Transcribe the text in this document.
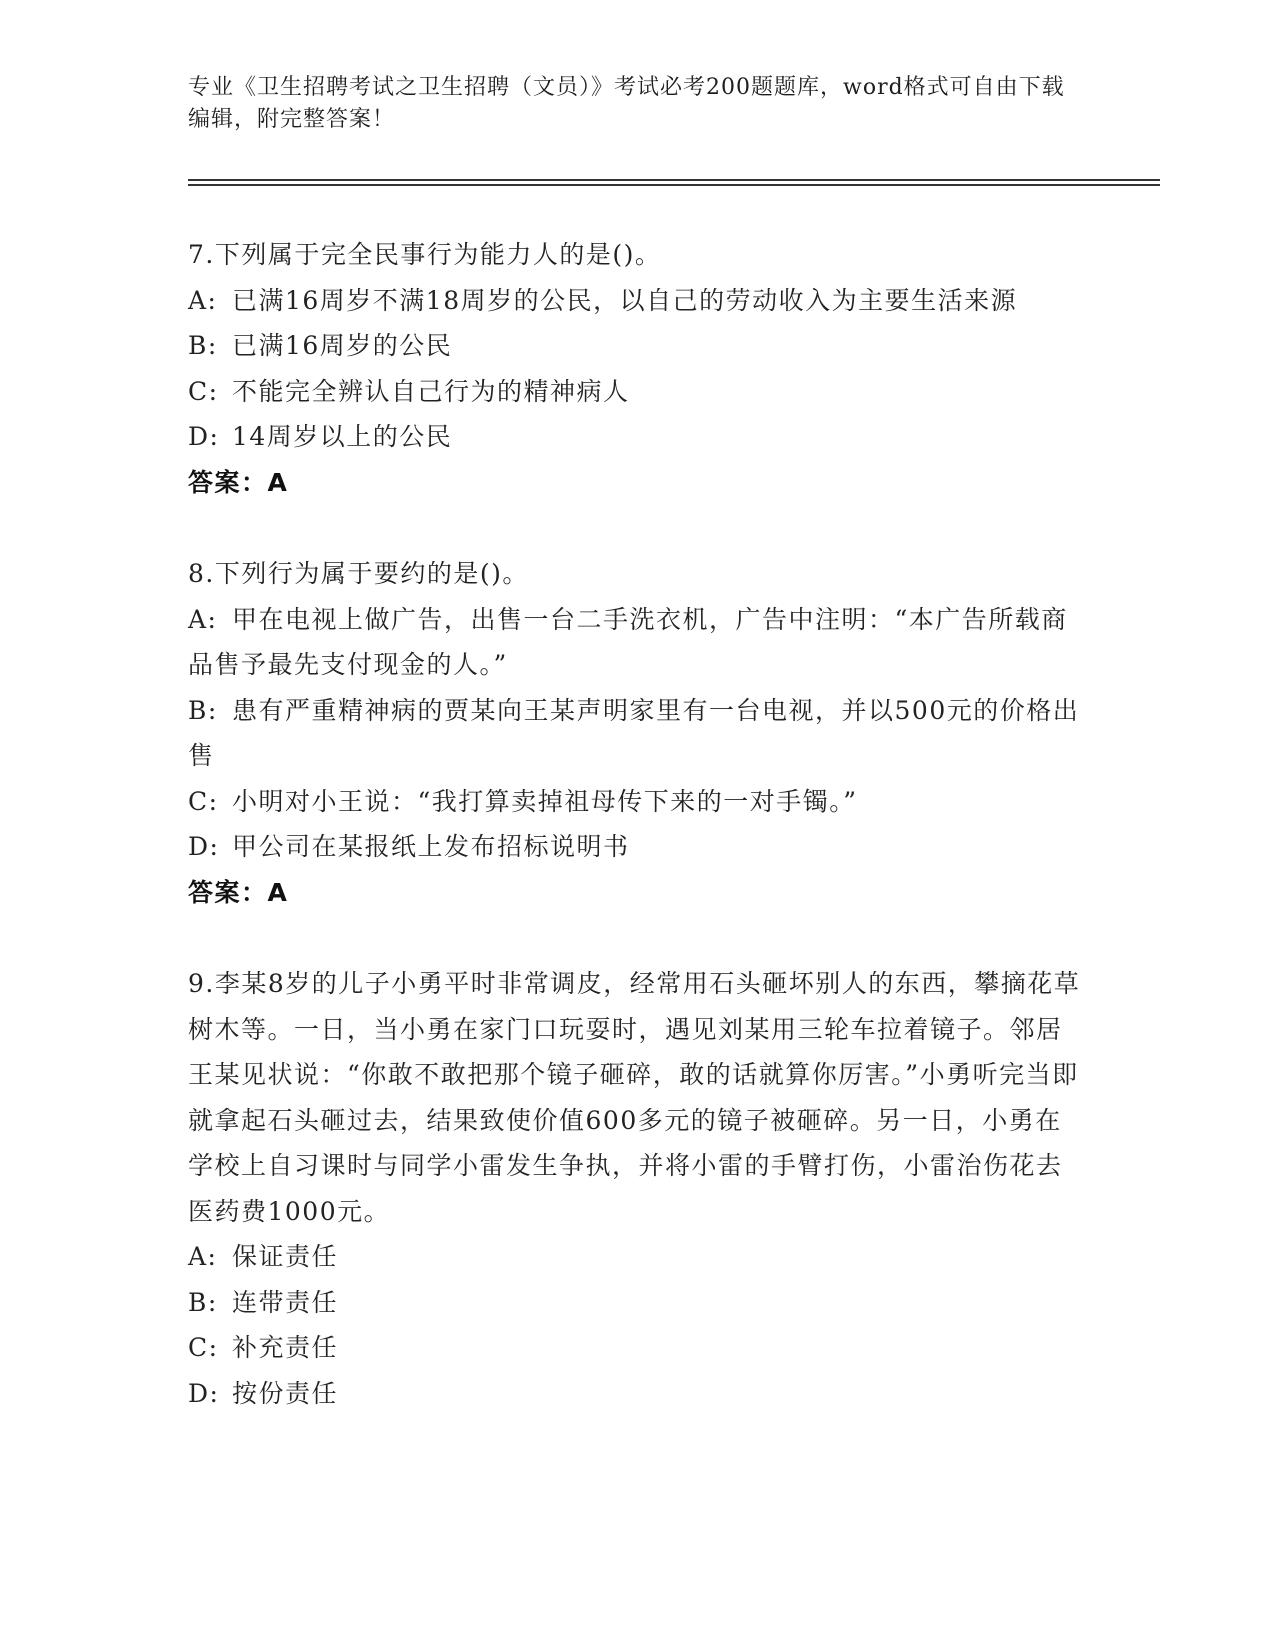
专业《卫生招聘考试之卫生招聘（文员）》考试必考200题题库，word格式可自由下载编辑，附完整答案！

7.下列属于完全民事行为能力人的是()。

A: 已满16周岁不满18周岁的公民，以自己的劳动收入为主要生活来源

B: 已满16周岁的公民

C: 不能完全辨认自己行为的精神病人

D: 14周岁以上的公民

答案：A

8.下列行为属于要约的是()。

A: 甲在电视上做广告，出售一台二手洗衣机，广告中注明：“本广告所载商品售予最先支付现金的人。”

B: 患有严重精神病的贾某向王某声明家里有一台电视，并以500元的价格出售

C: 小明对小王说：“我打算卖掉祖母传下来的一对手镯。”

D: 甲公司在某报纸上发布招标说明书

答案：A

9.李某8岁的儿子小勇平时非常调皮，经常用石头砸坏别人的东西，攀摘花草树木等。一日，当小勇在家门口玩耍时，遇见刘某用三轮车拉着镜子。邻居王某见状说：“你敢不敢把那个镜子砸碎，敢的话就算你厉害。”小勇听完当即就拿起石头砸过去，结果致使价值600多元的镜子被砸碎。另一日，小勇在学校上自习课时与同学小雷发生争执，并将小雷的手臂打伤，小雷治伤花去医药费1000元。

A: 保证责任

B: 连带责任

C: 补充责任

D: 按份责任
